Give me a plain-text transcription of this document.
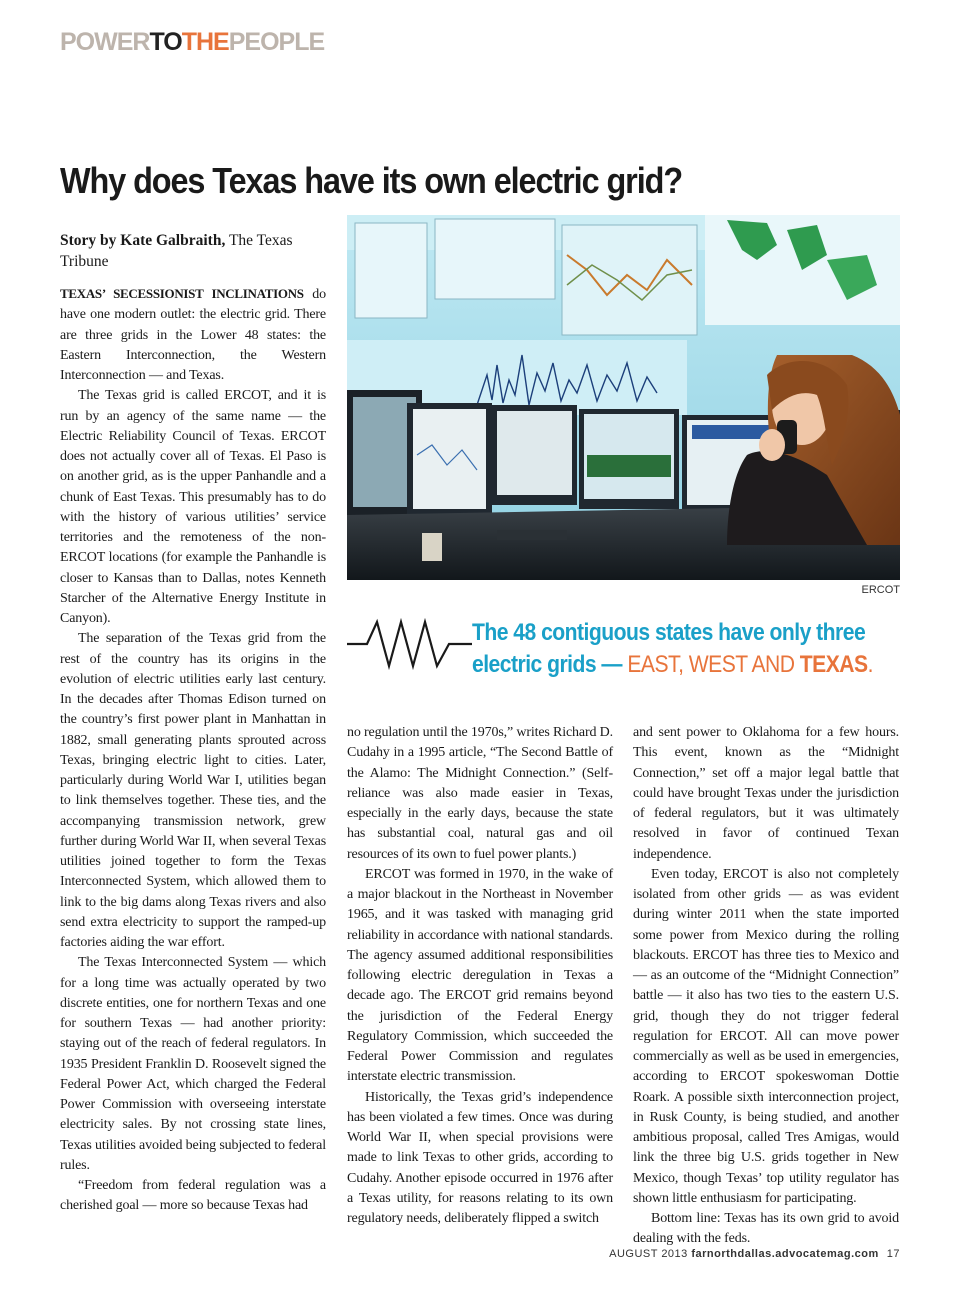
POWERTOTHEPEOPLE
Why does Texas have its own electric grid?
Story by Kate Galbraith, The Texas Tribune

TEXAS’ SECESSIONIST INCLINATIONS do have one modern outlet: the electric grid. There are three grids in the Lower 48 states: the Eastern Interconnection, the Western Interconnection — and Texas.

The Texas grid is called ERCOT, and it is run by an agency of the same name — the Electric Reliability Council of Texas. ERCOT does not actually cover all of Texas. El Paso is on another grid, as is the upper Panhandle and a chunk of East Texas. This presumably has to do with the history of various utilities’ service territories and the remoteness of the non-ERCOT locations (for example the Panhandle is closer to Kansas than to Dallas, notes Kenneth Starcher of the Alternative Energy Institute in Canyon).

The separation of the Texas grid from the rest of the country has its origins in the evolution of electric utilities early last century. In the decades after Thomas Edison turned on the country’s first power plant in Manhattan in 1882, small generating plants sprouted across Texas, bringing electric light to cities. Later, particularly during World War I, utilities began to link themselves together. These ties, and the accompanying transmission network, grew further during World War II, when several Texas utilities joined together to form the Texas Interconnected System, which allowed them to link to the big dams along Texas rivers and also send extra electricity to support the ramped-up factories aiding the war effort.

The Texas Interconnected System — which for a long time was actually operated by two discrete entities, one for northern Texas and one for southern Texas — had another priority: staying out of the reach of federal regulators. In 1935 President Franklin D. Roosevelt signed the Federal Power Act, which charged the Federal Power Commission with overseeing interstate electricity sales. By not crossing state lines, Texas utilities avoided being subjected to federal rules.

“Freedom from federal regulation was a cherished goal — more so because Texas had

ERCOT
The 48 contiguous states have only three
electric grids — EAST, WEST AND TEXAS.

no regulation until the 1970s,” writes Richard D. Cudahy in a 1995 article, “The Second Battle of the Alamo: The Midnight Connection.” (Self-reliance was also made easier in Texas, especially in the early days, because the state has substantial coal, natural gas and oil resources of its own to fuel power plants.)

ERCOT was formed in 1970, in the wake of a major blackout in the Northeast in November 1965, and it was tasked with managing grid reliability in accordance with national standards. The agency assumed additional responsibilities following electric deregulation in Texas a decade ago. The ERCOT grid remains beyond the jurisdiction of the Federal Energy Regulatory Commission, which succeeded the Federal Power Commission and regulates interstate electric transmission.

Historically, the Texas grid’s independence has been violated a few times. Once was during World War II, when special provisions were made to link Texas to other grids, according to Cudahy. Another episode occurred in 1976 after a Texas utility, for reasons relating to its own regulatory needs, deliberately flipped a switch

and sent power to Oklahoma for a few hours. This event, known as the “Midnight Connection,” set off a major legal battle that could have brought Texas under the jurisdiction of federal regulators, but it was ultimately resolved in favor of continued Texan independence.

Even today, ERCOT is also not completely isolated from other grids — as was evident during winter 2011 when the state imported some power from Mexico during the rolling blackouts. ERCOT has three ties to Mexico and — as an outcome of the “Midnight Connection” battle — it also has two ties to the eastern U.S. grid, though they do not trigger federal regulation for ERCOT. All can move power commercially as well as be used in emergencies, according to ERCOT spokeswoman Dottie Roark. A possible sixth interconnection project, in Rusk County, is being studied, and another ambitious proposal, called Tres Amigas, would link the three big U.S. grids together in New Mexico, though Texas’ top utility regulator has shown little enthusiasm for participating.

Bottom line: Texas has its own grid to avoid dealing with the feds.

AUGUST 2013 farnorthdallas.advocatemag.com 17
